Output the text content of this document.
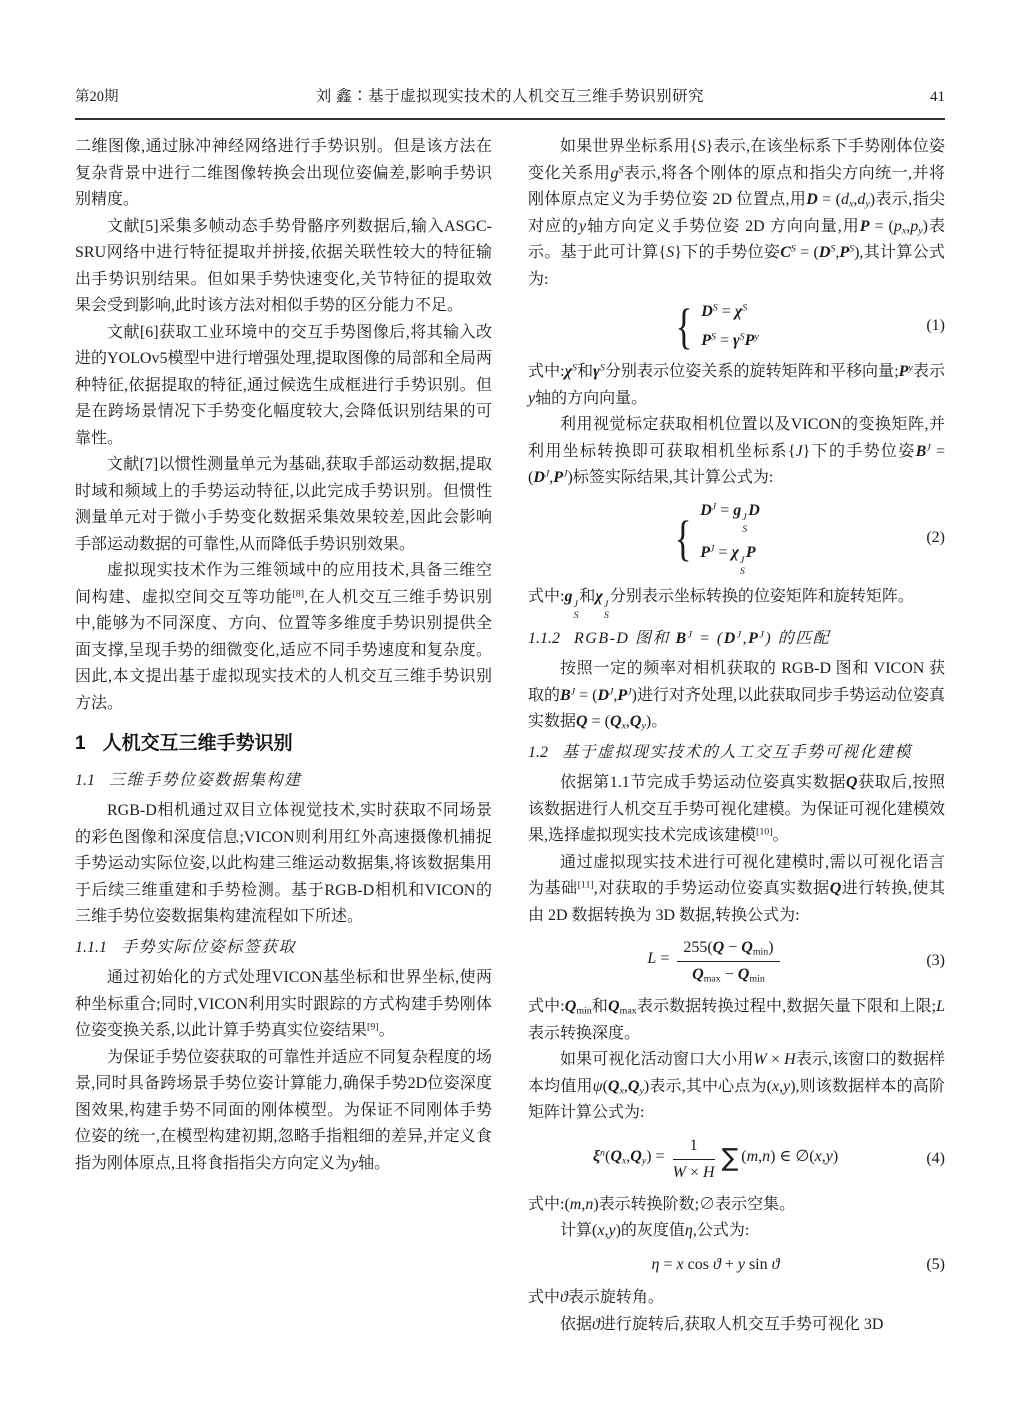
第20期	刘 鑫∶基于虚拟现实技术的人机交互三维手势识别研究	41

二维图像,通过脉冲神经网络进行手势识别。但是该方法在复杂背景中进行二维图像转换会出现位姿偏差,影响手势识别精度。

文献[5]采集多帧动态手势骨骼序列数据后,输入ASGC-SRU网络中进行特征提取并拼接,依据关联性较大的特征输出手势识别结果。但如果手势快速变化,关节特征的提取效果会受到影响,此时该方法对相似手势的区分能力不足。

文献[6]获取工业环境中的交互手势图像后,将其输入改进的YOLOv5模型中进行增强处理,提取图像的局部和全局两种特征,依据提取的特征,通过候选生成框进行手势识别。但是在跨场景情况下手势变化幅度较大,会降低识别结果的可靠性。

文献[7]以惯性测量单元为基础,获取手部运动数据,提取时域和频域上的手势运动特征,以此完成手势识别。但惯性测量单元对于微小手势变化数据采集效果较差,因此会影响手部运动数据的可靠性,从而降低手势识别效果。

虚拟现实技术作为三维领域中的应用技术,具备三维空间构建、虚拟空间交互等功能[8],在人机交互三维手势识别中,能够为不同深度、方向、位置等多维度手势识别提供全面支撑,呈现手势的细微变化,适应不同手势速度和复杂度。因此,本文提出基于虚拟现实技术的人机交互三维手势识别方法。

1 人机交互三维手势识别
1.1 三维手势位姿数据集构建

RGB-D相机通过双目立体视觉技术,实时获取不同场景的彩色图像和深度信息;VICON则利用红外高速摄像机捕捉手势运动实际位姿,以此构建三维运动数据集,将该数据集用于后续三维重建和手势检测。基于RGB-D相机和VICON的三维手势位姿数据集构建流程如下所述。

1.1.1 手势实际位姿标签获取

通过初始化的方式处理VICON基坐标和世界坐标,使两种坐标重合;同时,VICON利用实时跟踪的方式构建手势刚体位姿变换关系,以此计算手势真实位姿结果[9]。

为保证手势位姿获取的可靠性并适应不同复杂程度的场景,同时具备跨场景手势位姿计算能力,确保手势2D位姿深度图效果,构建手势不同面的刚体模型。为保证不同刚体手势位姿的统一,在模型构建初期,忽略手指粗细的差异,并定义食指为刚体原点,且将食指指尖方向定义为y轴。

如果世界坐标系用{S}表示,在该坐标系下手势刚体位姿变化关系用$g^S$表示,将各个刚体的原点和指尖方向统一,并将刚体原点定义为手势位姿 2D 位置点,用$D = (d_x,d_y)$表示,指尖对应的y轴方向定义手势位姿 2D 方向向量,用$P = (p_x,p_y)$表示。基于此可计算{S}下的手势位姿$C^S = (D^S,P^S)$,其计算公式为:

{ $D^S = \chi^S$
$P^S = \gamma^SP^y$
(1)

式中$:\chi^S$和$\gamma^S$分别表示位姿关系的旋转矩阵和平移向量$;P^y$表示y轴的方向向量。

利用视觉标定获取相机位置以及VICON的变换矩阵,并利用坐标转换即可获取相机坐标系{J}下的手势位姿$B^J = (D^J,P^J)$标签实际结果,其计算公式为:

{ $D^J = g$ J
S
D
$P^J = \chi$ J
S
P
(2)

式中:g J
S
和χ J
S
分别表示坐标转换的位姿矩阵和旋转矩阵。

1.1.2 RGB-D 图和 $B^J = (D^J,P^J)$ 的匹配

按照一定的频率对相机获取的 RGB-D 图和 VICON 获取的$B^J = (D^J,P^J)$进行对齐处理,以此获取同步手势运动位姿真实数据$Q = (Q_x,Q_y)$。

1.2 基于虚拟现实技术的人工交互手势可视化建模

依据第1.1节完成手势运动位姿真实数据Q获取后,按照该数据进行人机交互手势可视化建模。为保证可视化建模效果,选择虚拟现实技术完成该建模[10]。

通过虚拟现实技术进行可视化建模时,需以可视化语言为基础[11],对获取的手势运动位姿真实数据Q进行转换,使其由 2D 数据转换为 3D 数据,转换公式为:

$L = \frac{255(Q - Q_{min})}{Q_{max} - Q_{min}}$	(3)

式中$:Q_{min}$和$Q_{max}$表示数据转换过程中,数据矢量下限和上限;L表示转换深度。

如果可视化活动窗口大小用W × H表示,该窗口的数据样本均值用$\psi(Q_x,Q_y)$表示,其中心点为(x,y),则该数据样本的高阶矩阵计算公式为:

$\xi^n(Q_x,Q_y) = \frac{1}{W \times H}$ ∑ (m,n) ∈ ∅(x,y)	(4)

式中:(m,n)表示转换阶数;∅表示空集。

计算(x,y)的灰度值η,公式为:

η = x cos ϑ + y sin ϑ	(5)

式中ϑ表示旋转角。

依据ϑ进行旋转后,获取人机交互手势可视化 3D
